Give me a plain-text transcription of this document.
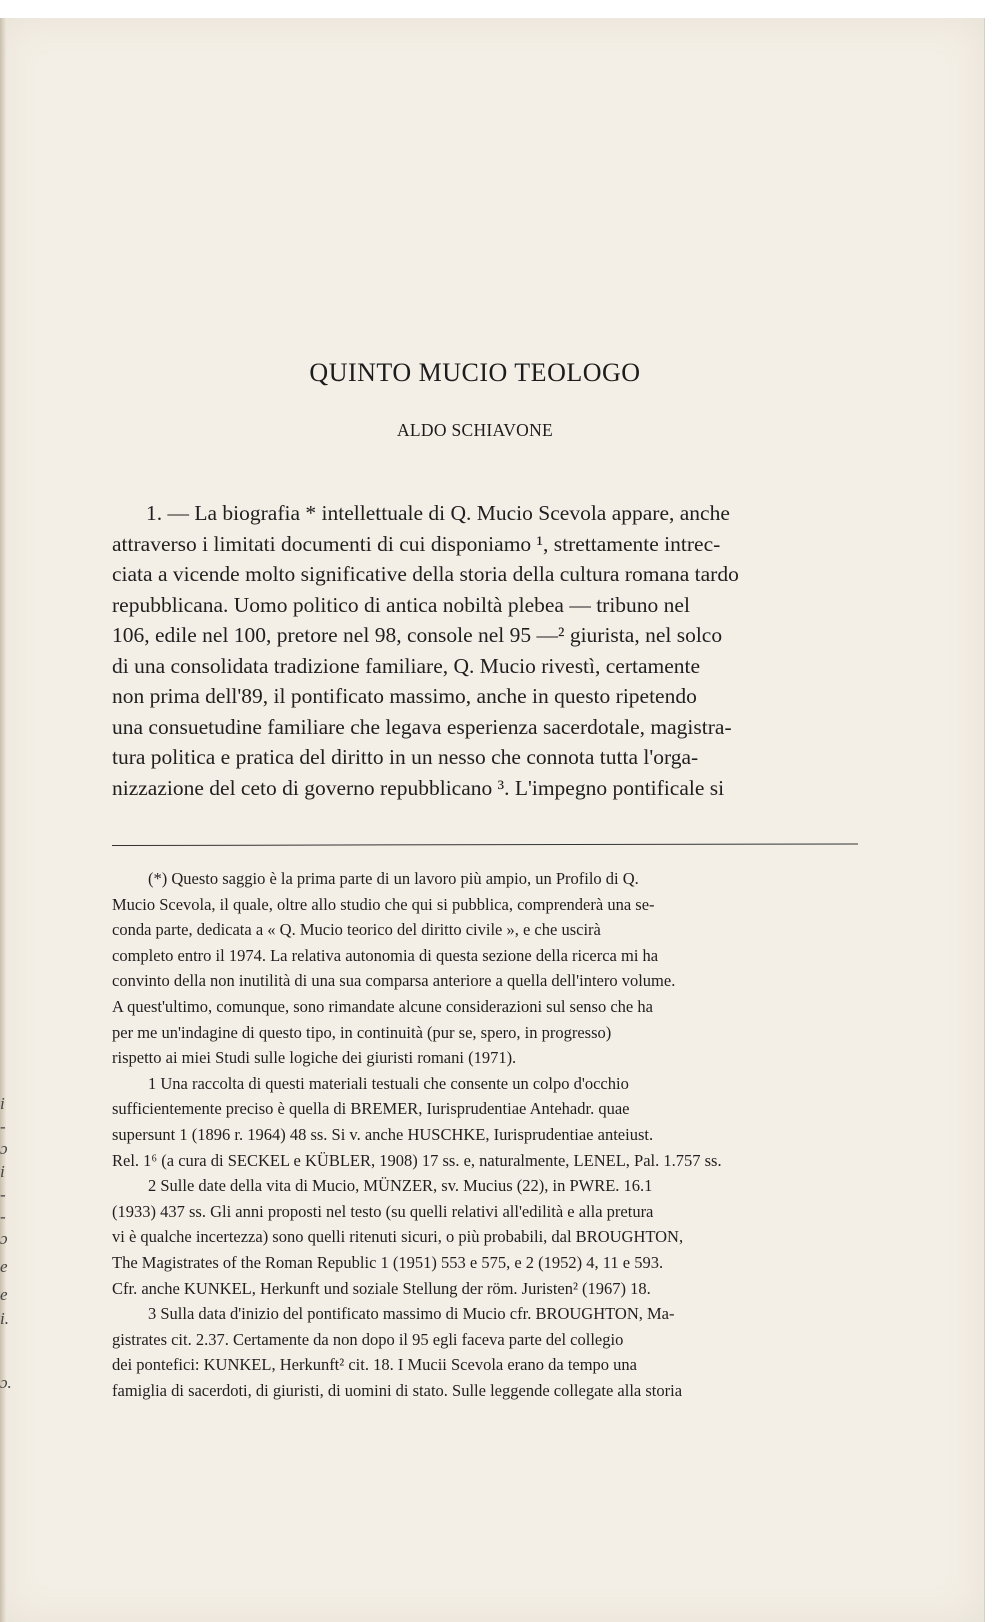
i
-
ɔ
i
-
-
ɔ
e
e
i.
ɔ.
QUINTO MUCIO TEOLOGO
ALDO SCHIAVONE
1. — La biografia * intellettuale di Q. Mucio Scevola appare, anche
attraverso i limitati documenti di cui disponiamo ¹, strettamente intrec-
ciata a vicende molto significative della storia della cultura romana tardo
repubblicana. Uomo politico di antica nobiltà plebea — tribuno nel
106, edile nel 100, pretore nel 98, console nel 95 —² giurista, nel solco
di una consolidata tradizione familiare, Q. Mucio rivestì, certamente
non prima dell'89, il pontificato massimo, anche in questo ripetendo
una consuetudine familiare che legava esperienza sacerdotale, magistra-
tura politica e pratica del diritto in un nesso che connota tutta l'orga-
nizzazione del ceto di governo repubblicano ³. L'impegno pontificale si
(*) Questo saggio è la prima parte di un lavoro più ampio, un Profilo di Q.
Mucio Scevola, il quale, oltre allo studio che qui si pubblica, comprenderà una se-
conda parte, dedicata a « Q. Mucio teorico del diritto civile », e che uscirà
completo entro il 1974. La relativa autonomia di questa sezione della ricerca mi ha
convinto della non inutilità di una sua comparsa anteriore a quella dell'intero volume.
A quest'ultimo, comunque, sono rimandate alcune considerazioni sul senso che ha
per me un'indagine di questo tipo, in continuità (pur se, spero, in progresso)
rispetto ai miei Studi sulle logiche dei giuristi romani (1971).
1 Una raccolta di questi materiali testuali che consente un colpo d'occhio
sufficientemente preciso è quella di BREMER, Iurisprudentiae Antehadr. quae
supersunt 1 (1896 r. 1964) 48 ss. Si v. anche HUSCHKE, Iurisprudentiae anteiust.
Rel. 1⁶ (a cura di SECKEL e KÜBLER, 1908) 17 ss. e, naturalmente, LENEL, Pal. 1.757 ss.
2 Sulle date della vita di Mucio, MÜNZER, sv. Mucius (22), in PWRE. 16.1
(1933) 437 ss. Gli anni proposti nel testo (su quelli relativi all'edilità e alla pretura
vi è qualche incertezza) sono quelli ritenuti sicuri, o più probabili, dal BROUGHTON,
The Magistrates of the Roman Republic 1 (1951) 553 e 575, e 2 (1952) 4, 11 e 593.
Cfr. anche KUNKEL, Herkunft und soziale Stellung der röm. Juristen² (1967) 18.
3 Sulla data d'inizio del pontificato massimo di Mucio cfr. BROUGHTON, Ma-
gistrates cit. 2.37. Certamente da non dopo il 95 egli faceva parte del collegio
dei pontefici: KUNKEL, Herkunft² cit. 18. I Mucii Scevola erano da tempo una
famiglia di sacerdoti, di giuristi, di uomini di stato. Sulle leggende collegate alla storia
